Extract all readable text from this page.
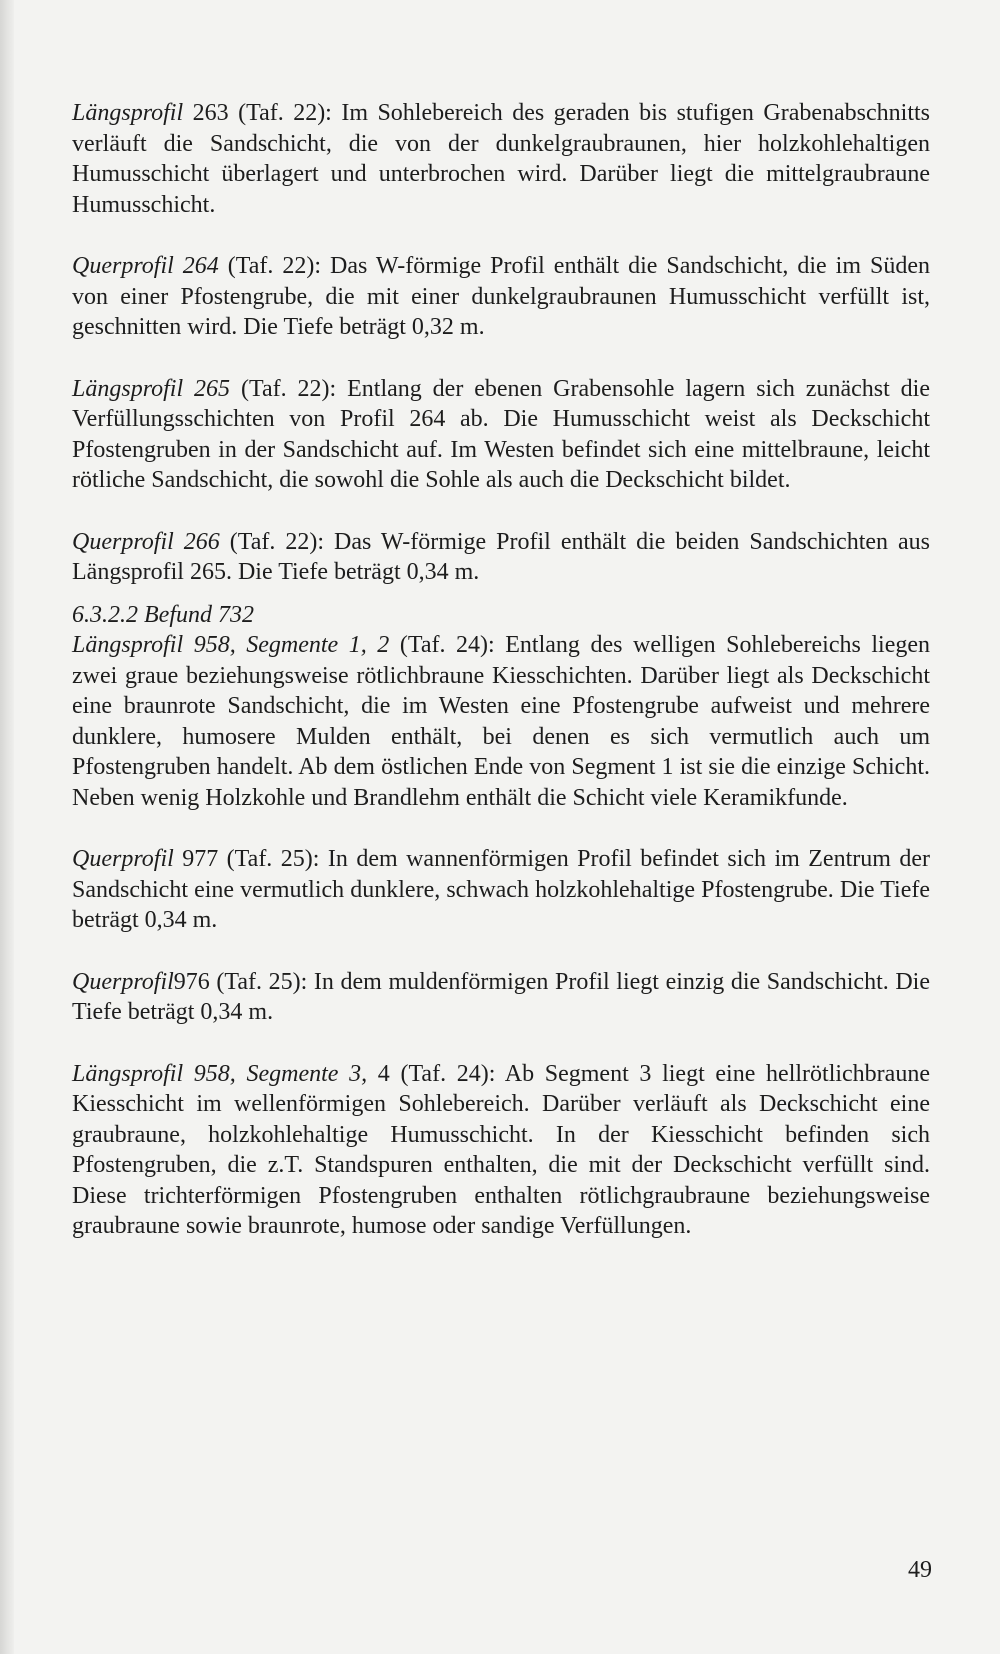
Längsprofil 263 (Taf. 22): Im Sohlebereich des geraden bis stufigen Grabenabschnitts verläuft die Sandschicht, die von der dunkelgraubraunen, hier holzkohlehaltigen Humusschicht überlagert und unterbrochen wird. Darüber liegt die mittelgraubraune Humusschicht.

Querprofil 264 (Taf. 22): Das W-förmige Profil enthält die Sandschicht, die im Süden von einer Pfostengrube, die mit einer dunkelgraubraunen Humusschicht verfüllt ist, geschnitten wird. Die Tiefe beträgt 0,32 m.

Längsprofil 265 (Taf. 22): Entlang der ebenen Grabensohle lagern sich zunächst die Verfüllungsschichten von Profil 264 ab. Die Humusschicht weist als Deckschicht Pfostengruben in der Sandschicht auf. Im Westen befindet sich eine mittelbraune, leicht rötliche Sandschicht, die sowohl die Sohle als auch die Deckschicht bildet.

Querprofil 266 (Taf. 22): Das W-förmige Profil enthält die beiden Sandschichten aus Längsprofil 265. Die Tiefe beträgt 0,34 m.

6.3.2.2 Befund 732

Längsprofil 958, Segmente 1, 2 (Taf. 24): Entlang des welligen Sohlebereichs liegen zwei graue beziehungsweise rötlichbraune Kiesschichten. Darüber liegt als Deckschicht eine braunrote Sandschicht, die im Westen eine Pfostengrube aufweist und mehrere dunklere, humosere Mulden enthält, bei denen es sich vermutlich auch um Pfostengruben handelt. Ab dem östlichen Ende von Segment 1 ist sie die einzige Schicht. Neben wenig Holzkohle und Brandlehm enthält die Schicht viele Keramikfunde.

Querprofil 977 (Taf. 25): In dem wannenförmigen Profil befindet sich im Zentrum der Sandschicht eine vermutlich dunklere, schwach holzkohlehaltige Pfostengrube. Die Tiefe beträgt 0,34 m.

Querprofil976 (Taf. 25): In dem muldenförmigen Profil liegt einzig die Sandschicht. Die Tiefe beträgt 0,34 m.

Längsprofil 958, Segmente 3, 4 (Taf. 24): Ab Segment 3 liegt eine hellrötlichbraune Kiesschicht im wellenförmigen Sohlebereich. Darüber verläuft als Deckschicht eine graubraune, holzkohlehaltige Humusschicht. In der Kiesschicht befinden sich Pfostengruben, die z.T. Standspuren enthalten, die mit der Deckschicht verfüllt sind. Diese trichterförmigen Pfostengruben enthalten rötlichgraubraune beziehungsweise graubraune sowie braunrote, humose oder sandige Verfüllungen.

49
